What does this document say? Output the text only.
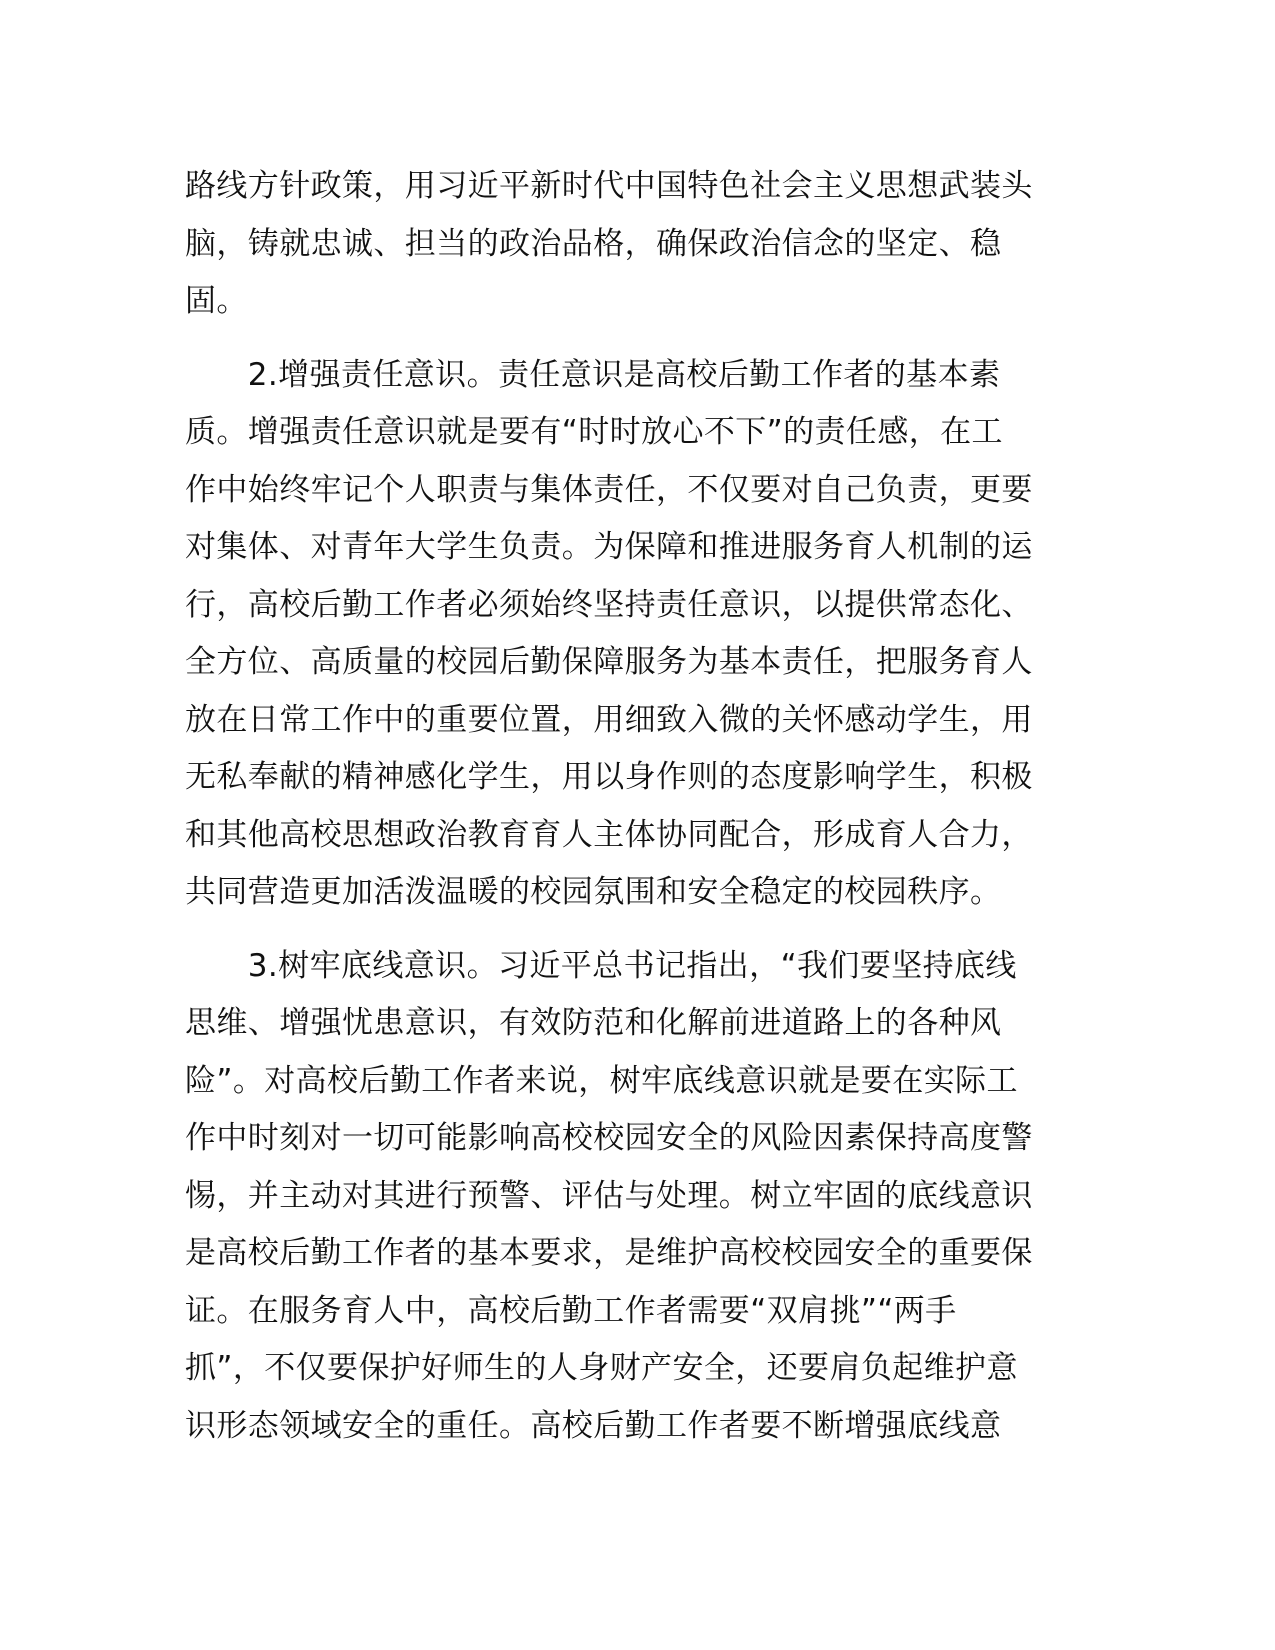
路线方针政策，用习近平新时代中国特色社会主义思想武装头
脑，铸就忠诚、担当的政治品格，确保政治信念的坚定、稳
固。
　　2.增强责任意识。责任意识是高校后勤工作者的基本素
质。增强责任意识就是要有“时时放心不下”的责任感，在工
作中始终牢记个人职责与集体责任，不仅要对自己负责，更要
对集体、对青年大学生负责。为保障和推进服务育人机制的运
行，高校后勤工作者必须始终坚持责任意识，以提供常态化、
全方位、高质量的校园后勤保障服务为基本责任，把服务育人
放在日常工作中的重要位置，用细致入微的关怀感动学生，用
无私奉献的精神感化学生，用以身作则的态度影响学生，积极
和其他高校思想政治教育育人主体协同配合，形成育人合力，
共同营造更加活泼温暖的校园氛围和安全稳定的校园秩序。
　　3.树牢底线意识。习近平总书记指出，“我们要坚持底线
思维、增强忧患意识，有效防范和化解前进道路上的各种风
险”。对高校后勤工作者来说，树牢底线意识就是要在实际工
作中时刻对一切可能影响高校校园安全的风险因素保持高度警
惕，并主动对其进行预警、评估与处理。树立牢固的底线意识
是高校后勤工作者的基本要求，是维护高校校园安全的重要保
证。在服务育人中，高校后勤工作者需要“双肩挑”“两手
抓”，不仅要保护好师生的人身财产安全，还要肩负起维护意
识形态领域安全的重任。高校后勤工作者要不断增强底线意
